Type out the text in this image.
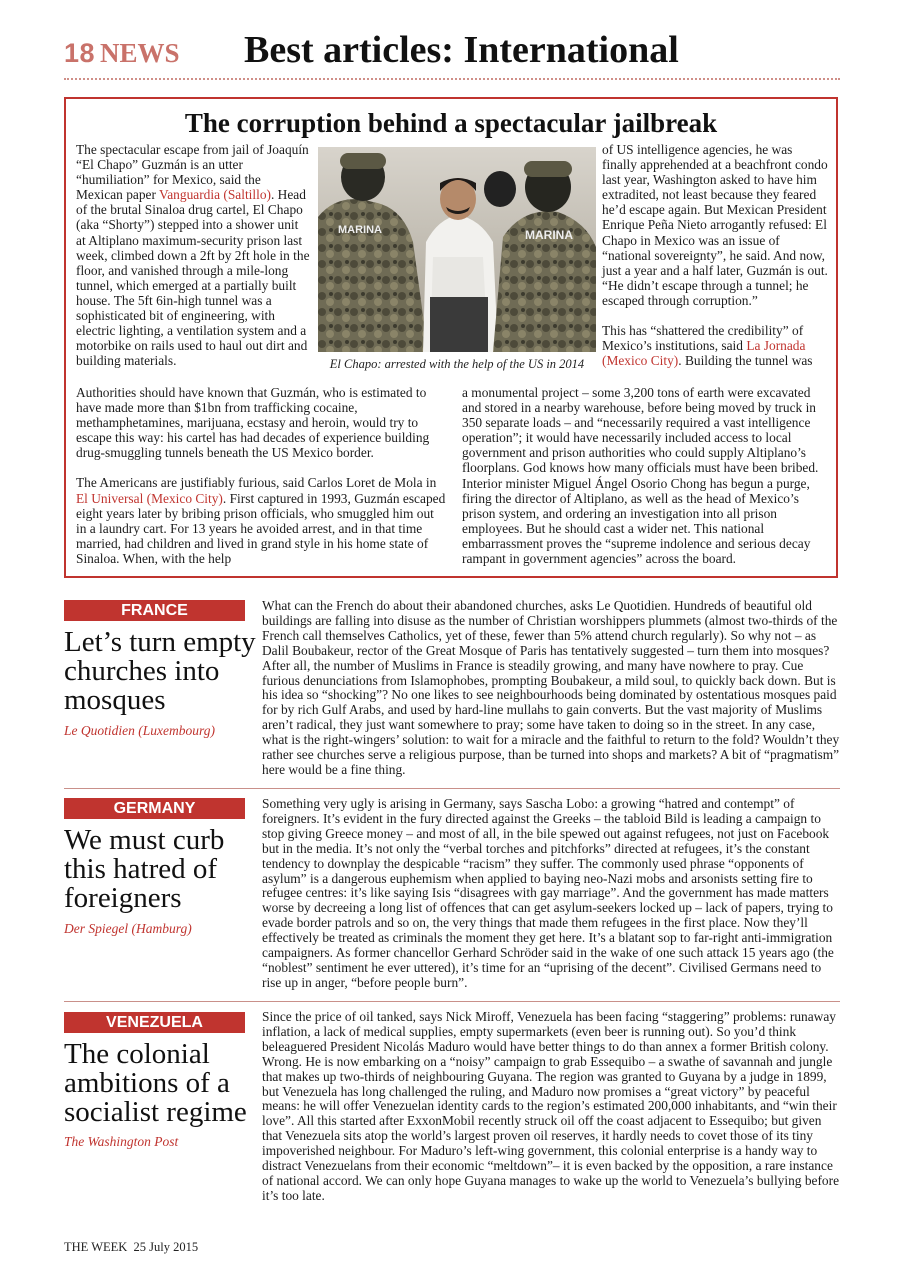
18 NEWS Best articles: International
The corruption behind a spectacular jailbreak

The spectacular escape from jail of Joaquín “El Chapo” Guzmán is an utter “humiliation” for Mexico, said the Mexican paper Vanguardia (Saltillo). Head of the brutal Sinaloa drug cartel, El Chapo (aka “Shorty”) stepped into a shower unit at Altiplano maximum-security prison last week, climbed down a 2ft by 2ft hole in the floor, and vanished through a mile-long tunnel, which emerged at a partially built house. The 5ft 6in-high tunnel was a sophisticated bit of engineering, with electric lighting, a ventilation system and a motorbike on rails used to haul out dirt and building materials.

MARINA	MARINA
El Chapo: arrested with the help of the US in 2014

of US intelligence agencies, he was finally apprehended at a beachfront condo last year, Washington asked to have him extradited, not least because they feared he’d escape again. But Mexican President Enrique Peña Nieto arrogantly refused: El Chapo in Mexico was an issue of “national sovereignty”, he said. And now, just a year and a half later, Guzmán is out. “He didn’t escape through a tunnel; he escaped through corruption.”

This has “shattered the credibility” of Mexico’s institutions, said La Jornada (Mexico City). Building the tunnel was

Authorities should have known that Guzmán, who is estimated to have made more than $1bn from trafficking cocaine, methamphetamines, marijuana, ecstasy and heroin, would try to escape this way: his cartel has had decades of experience building drug-smuggling tunnels beneath the US Mexico border.

The Americans are justifiably furious, said Carlos Loret de Mola in El Universal (Mexico City). First captured in 1993, Guzmán escaped eight years later by bribing prison officials, who smuggled him out in a laundry cart. For 13 years he avoided arrest, and in that time married, had children and lived in grand style in his home state of Sinaloa. When, with the help

a monumental project – some 3,200 tons of earth were excavated and stored in a nearby warehouse, before being moved by truck in 350 separate loads – and “necessarily required a vast intelligence operation”; it would have necessarily included access to local government and prison authorities who could supply Altiplano’s floorplans. God knows how many officials must have been bribed. Interior minister Miguel Ángel Osorio Chong has begun a purge, firing the director of Altiplano, as well as the head of Mexico’s prison system, and ordering an investigation into all prison employees. But he should cast a wider net. This national embarrassment proves the “supreme indolence and serious decay rampant in government agencies” across the board.

FRANCE
Let’s turn empty churches into mosques
Le Quotidien (Luxembourg)
What can the French do about their abandoned churches, asks Le Quotidien. Hundreds of beautiful old buildings are falling into disuse as the number of Christian worshippers plummets (almost two-thirds of the French call themselves Catholics, yet of these, fewer than 5% attend church regularly). So why not – as Dalil Boubakeur, rector of the Great Mosque of Paris has tentatively suggested – turn them into mosques? After all, the number of Muslims in France is steadily growing, and many have nowhere to pray. Cue furious denunciations from Islamophobes, prompting Boubakeur, a mild soul, to quickly back down. But is his idea so “shocking”? No one likes to see neighbourhoods being dominated by ostentatious mosques paid for by rich Gulf Arabs, and used by hard-line mullahs to gain converts. But the vast majority of Muslims aren’t radical, they just want somewhere to pray; some have taken to doing so in the street. In any case, what is the right-wingers’ solution: to wait for a miracle and the faithful to return to the fold? Wouldn’t they rather see churches serve a religious purpose, than be turned into shops and markets? A bit of “pragmatism” here would be a fine thing.
GERMANY
We must curb this hatred of foreigners
Der Spiegel (Hamburg)
Something very ugly is arising in Germany, says Sascha Lobo: a growing “hatred and contempt” of foreigners. It’s evident in the fury directed against the Greeks – the tabloid Bild is leading a campaign to stop giving Greece money – and most of all, in the bile spewed out against refugees, not just on Facebook but in the media. It’s not only the “verbal torches and pitchforks” directed at refugees, it’s the constant tendency to downplay the despicable “racism” they suffer. The commonly used phrase “opponents of asylum” is a dangerous euphemism when applied to baying neo-Nazi mobs and arsonists setting fire to refugee centres: it’s like saying Isis “disagrees with gay marriage”. And the government has made matters worse by decreeing a long list of offences that can get asylum-seekers locked up – lack of papers, trying to evade border patrols and so on, the very things that made them refugees in the first place. Now they’ll effectively be treated as criminals the moment they get here. It’s a blatant sop to far-right anti-immigration campaigners. As former chancellor Gerhard Schröder said in the wake of one such attack 15 years ago (the “noblest” sentiment he ever uttered), it’s time for an “uprising of the decent”. Civilised Germans need to rise up in anger, “before people burn”.
VENEZUELA
The colonial ambitions of a socialist regime
The Washington Post
Since the price of oil tanked, says Nick Miroff, Venezuela has been facing “staggering” problems: runaway inflation, a lack of medical supplies, empty supermarkets (even beer is running out). So you’d think beleaguered President Nicolás Maduro would have better things to do than annex a former British colony. Wrong. He is now embarking on a “noisy” campaign to grab Essequibo – a swathe of savannah and jungle that makes up two-thirds of neighbouring Guyana. The region was granted to Guyana by a judge in 1899, but Venezuela has long challenged the ruling, and Maduro now promises a “great victory” by peaceful means: he will offer Venezuelan identity cards to the region’s estimated 200,000 inhabitants, and “win their love”. All this started after ExxonMobil recently struck oil off the coast adjacent to Essequibo; but given that Venezuela sits atop the world’s largest proven oil reserves, it hardly needs to covet those of its tiny impoverished neighbour. For Maduro’s left-wing government, this colonial enterprise is a handy way to distract Venezuelans from their economic “meltdown”– it is even backed by the opposition, a rare instance of national accord. We can only hope Guyana manages to wake up the world to Venezuela’s bullying before it’s too late.
THE WEEK 25 July 2015
